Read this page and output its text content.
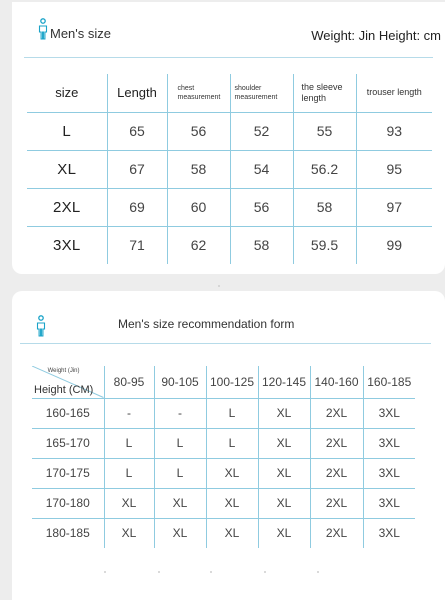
Men's size	Weight: Jin Height: cm
size	Length	chest measurement	shoulder measurement	the sleeve length	trouser length
L	65	56	52	55	93
XL	67	58	54	56.2	95
2XL	69	60	56	58	97
3XL	71	62	58	59.5	99
Men's size recommendation form
Weight (Jin)
Height (CM)	80-95	90-105	100-125	120-145	140-160	160-185
160-165	-	-	L	XL	2XL	3XL
165-170	L	L	L	XL	2XL	3XL
170-175	L	L	XL	XL	2XL	3XL
170-180	XL	XL	XL	XL	2XL	3XL
180-185	XL	XL	XL	XL	2XL	3XL
